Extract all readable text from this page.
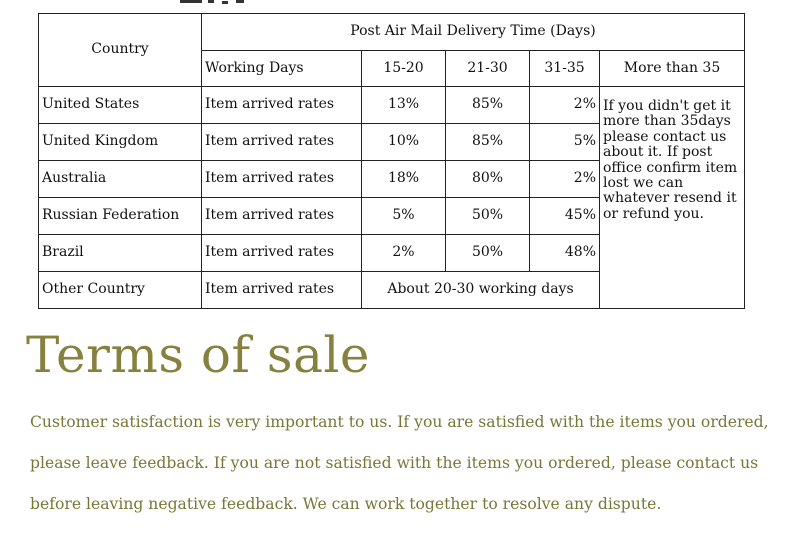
Country	Post Air Mail Delivery Time (Days)				
	Working Days	15-20	21-30	31-35	More than 35
United States	Item arrived rates	13%	85%	2%	If you didn't get it more than 35days please contact us about it. If post office confirm item lost we can whatever resend it or refund you.
United Kingdom	Item arrived rates	10%	85%	5%	
Australia	Item arrived rates	18%	80%	2%	
Russian Federation	Item arrived rates	5%	50%	45%	
Brazil	Item arrived rates	2%	50%	48%	
Other Country	Item arrived rates	About 20-30 working days			
Terms of sale

Customer satisfaction is very important to us. If you are satisfied with the items you ordered,
please leave feedback. If you are not satisfied with the items you ordered, please contact us
before leaving negative feedback. We can work together to resolve any dispute.
